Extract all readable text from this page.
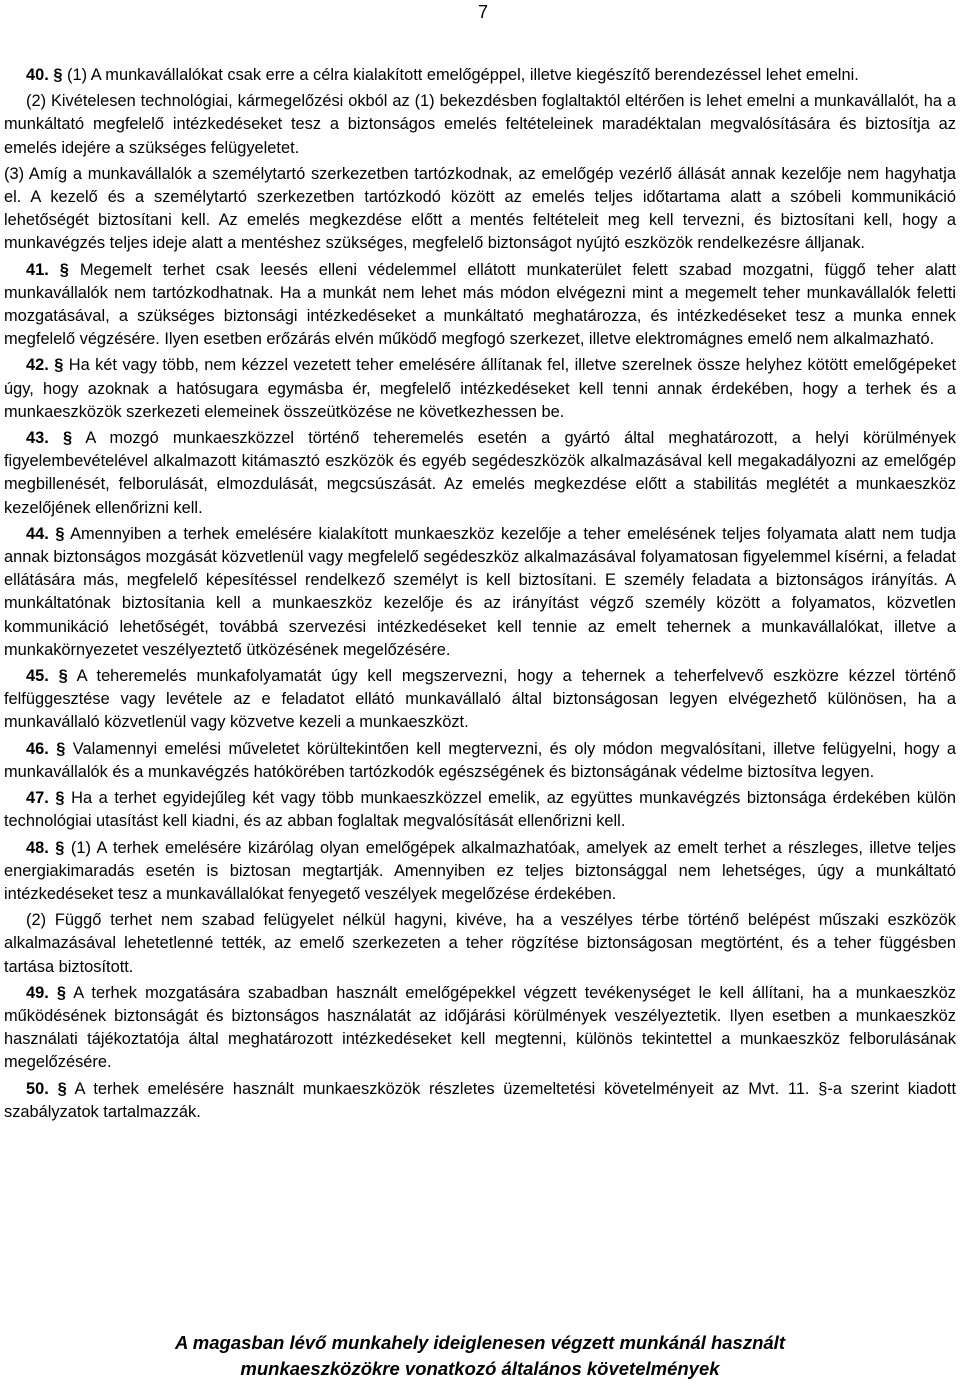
7

40. § (1) A munkavállalókat csak erre a célra kialakított emelőgéppel, illetve kiegészítő berendezéssel lehet emelni.

(2) Kivételesen technológiai, kármegelőzési okból az (1) bekezdésben foglaltaktól eltérően is lehet emelni a munkavállalót, ha a munkáltató megfelelő intézkedéseket tesz a biztonságos emelés feltételeinek maradéktalan megvalósítására és biztosítja az emelés idejére a szükséges felügyeletet.

(3) Amíg a munkavállalók a személytartó szerkezetben tartózkodnak, az emelőgép vezérlő állását annak kezelője nem hagyhatja el. A kezelő és a személytartó szerkezetben tartózkodó között az emelés teljes időtartama alatt a szóbeli kommunikáció lehetőségét biztosítani kell. Az emelés megkezdése előtt a mentés feltételeit meg kell tervezni, és biztosítani kell, hogy a munkavégzés teljes ideje alatt a mentéshez szükséges, megfelelő biztonságot nyújtó eszközök rendelkezésre álljanak.

41. § Megemelt terhet csak leesés elleni védelemmel ellátott munkaterület felett szabad mozgatni, függő teher alatt munkavállalók nem tartózkodhatnak. Ha a munkát nem lehet más módon elvégezni mint a megemelt teher munkavállalók feletti mozgatásával, a szükséges biztonsági intézkedéseket a munkáltató meghatározza, és intézkedéseket tesz a munka ennek megfelelő végzésére. Ilyen esetben erőzárás elvén működő megfogó szerkezet, illetve elektromágnes emelő nem alkalmazható.

42. § Ha két vagy több, nem kézzel vezetett teher emelésére állítanak fel, illetve szerelnek össze helyhez kötött emelőgépeket úgy, hogy azoknak a hatósugara egymásba ér, megfelelő intézkedéseket kell tenni annak érdekében, hogy a terhek és a munkaeszközök szerkezeti elemeinek összeütközése ne következhessen be.

43. § A mozgó munkaeszközzel történő teheremelés esetén a gyártó által meghatározott, a helyi körülmények figyelembevételével alkalmazott kitámasztó eszközök és egyéb segédeszközök alkalmazásával kell megakadályozni az emelőgép megbillenését, felborulását, elmozdulását, megcsúszását. Az emelés megkezdése előtt a stabilitás meglétét a munkaeszköz kezelőjének ellenőrizni kell.

44. § Amennyiben a terhek emelésére kialakított munkaeszköz kezelője a teher emelésének teljes folyamata alatt nem tudja annak biztonságos mozgását közvetlenül vagy megfelelő segédeszköz alkalmazásával folyamatosan figyelemmel kísérni, a feladat ellátására más, megfelelő képesítéssel rendelkező személyt is kell biztosítani. E személy feladata a biztonságos irányítás. A munkáltatónak biztosítania kell a munkaeszköz kezelője és az irányítást végző személy között a folyamatos, közvetlen kommunikáció lehetőségét, továbbá szervezési intézkedéseket kell tennie az emelt tehernek a munkavállalókat, illetve a munkakörnyezetet veszélyeztető ütközésének megelőzésére.

45. § A teheremelés munkafolyamatát úgy kell megszervezni, hogy a tehernek a teherfelvevő eszközre kézzel történő felfüggesztése vagy levétele az e feladatot ellátó munkavállaló által biztonságosan legyen elvégezhető különösen, ha a munkavállaló közvetlenül vagy közvetve kezeli a munkaeszközt.

46. § Valamennyi emelési műveletet körültekintően kell megtervezni, és oly módon megvalósítani, illetve felügyelni, hogy a munkavállalók és a munkavégzés hatókörében tartózkodók egészségének és biztonságának védelme biztosítva legyen.

47. § Ha a terhet egyidejűleg két vagy több munkaeszközzel emelik, az együttes munkavégzés biztonsága érdekében külön technológiai utasítást kell kiadni, és az abban foglaltak megvalósítását ellenőrizni kell.

48. § (1) A terhek emelésére kizárólag olyan emelőgépek alkalmazhatóak, amelyek az emelt terhet a részleges, illetve teljes energiakimaradás esetén is biztosan megtartják. Amennyiben ez teljes biztonsággal nem lehetséges, úgy a munkáltató intézkedéseket tesz a munkavállalókat fenyegető veszélyek megelőzése érdekében.

(2) Függő terhet nem szabad felügyelet nélkül hagyni, kivéve, ha a veszélyes térbe történő belépést műszaki eszközök alkalmazásával lehetetlenné tették, az emelő szerkezeten a teher rögzítése biztonságosan megtörtént, és a teher függésben tartása biztosított.

49. § A terhek mozgatására szabadban használt emelőgépekkel végzett tevékenységet le kell állítani, ha a munkaeszköz működésének biztonságát és biztonságos használatát az időjárási körülmények veszélyeztetik. Ilyen esetben a munkaeszköz használati tájékoztatója által meghatározott intézkedéseket kell megtenni, különös tekintettel a munkaeszköz felborulásának megelőzésére.

50. § A terhek emelésére használt munkaeszközök részletes üzemeltetési követelményeit az Mvt. 11. §-a szerint kiadott szabályzatok tartalmazzák.

A magasban lévő munkahely ideiglenesen végzett munkánál használt
munkaeszközökre vonatkozó általános követelmények
